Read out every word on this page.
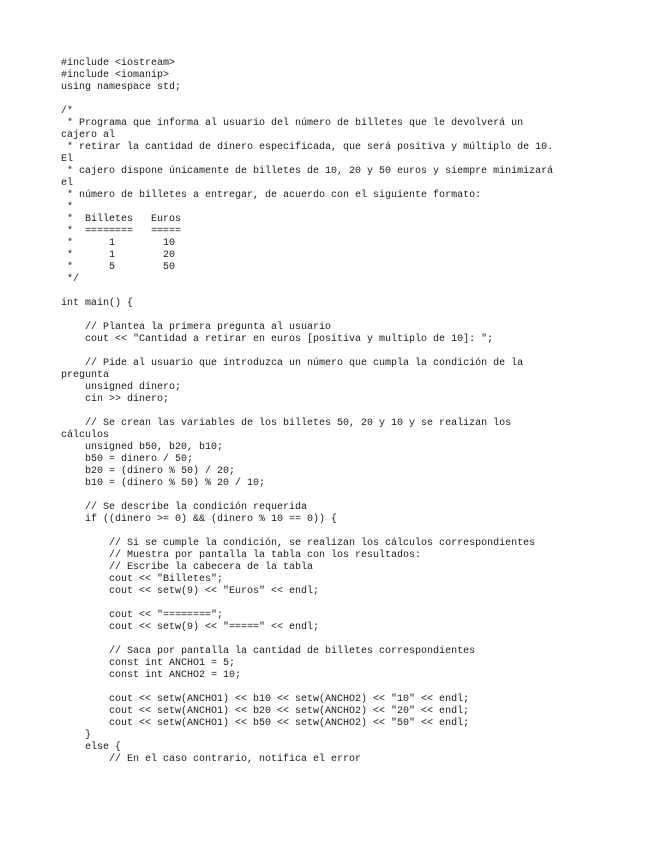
#include <iostream>
#include <iomanip>
using namespace std;
/*
* Programa que informa al usuario del número de billetes que le devolverá un
cajero al
* retirar la cantidad de dinero especificada, que será positiva y múltiplo de 10.
El
* cajero dispone únicamente de billetes de 10, 20 y 50 euros y siempre minimizará
el
* número de billetes a entregar, de acuerdo con el siguiente formato:
*
*  Billetes   Euros
*  ========   =====
*      1        10
*      1        20
*      5        50
*/
int main() {
// Plantea la primera pregunta al usuario
cout << "Cantidad a retirar en euros [positiva y multiplo de 10]: ";
// Pide al usuario que introduzca un número que cumpla la condición de la
pregunta
unsigned dinero;
cin >> dinero;
// Se crean las variables de los billetes 50, 20 y 10 y se realizan los
cálculos
unsigned b50, b20, b10;
b50 = dinero / 50;
b20 = (dinero % 50) / 20;
b10 = (dinero % 50) % 20 / 10;
// Se describe la condición requerida
if ((dinero >= 0) && (dinero % 10 == 0)) {
// Si se cumple la condición, se realizan los cálculos correspondientes
// Muestra por pantalla la tabla con los resultados:
// Escribe la cabecera de la tabla
cout << "Billetes";
cout << setw(9) << "Euros" << endl;
cout << "========";
cout << setw(9) << "=====" << endl;
// Saca por pantalla la cantidad de billetes correspondientes
const int ANCHO1 = 5;
const int ANCHO2 = 10;
cout << setw(ANCHO1) << b10 << setw(ANCHO2) << "10" << endl;
cout << setw(ANCHO1) << b20 << setw(ANCHO2) << "20" << endl;
cout << setw(ANCHO1) << b50 << setw(ANCHO2) << "50" << endl;
}
else {
// En el caso contrario, notifica el error
